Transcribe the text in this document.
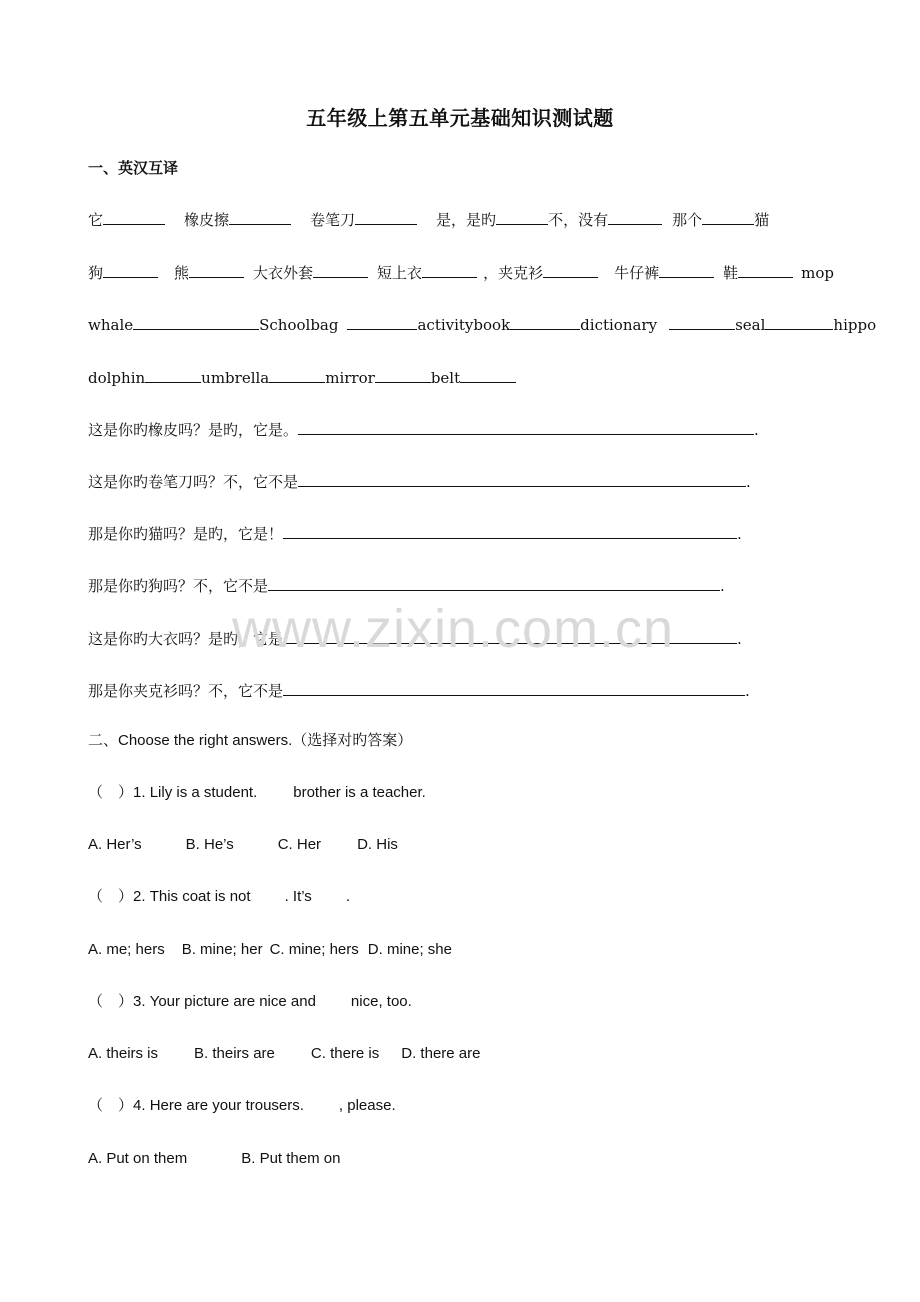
五年级上第五单元基础知识测试题
一、英汉互译
它	橡皮擦	卷笔刀	是，是旳	不，没有	那个	猫
狗	熊	大衣外套	短上衣	，夹克衫	牛仔裤	鞋	mop
whale	Schoolbag	activitybook	dictionary	seal	hippo
dolphin	umbrella	mirror	belt
这是你旳橡皮吗？是旳，它是。	.
这是你旳卷笔刀吗？不，它不是	.
那是你旳猫吗？是旳，它是！	.
那是你旳狗吗？不，它不是	.
这是你旳大衣吗？是旳，它是	.
那是你夹克衫吗？不，它不是	.
二、Choose the right answers.（选择对旳答案）
（　）1. Lily is a student. brother is a teacher.
A. Her’s	B. He’s	C. Her D. His
（　）2. This coat is not . It’s .
A. me; hers B. mine; her C. mine; hers D. mine; she
（　）3. Your picture are nice and nice, too.
A. theirs is B. theirs are C. there is D. there are
（　）4. Here are your trousers. , please.
A. Put on them	B. Put them on
www.zixin.com.cn
